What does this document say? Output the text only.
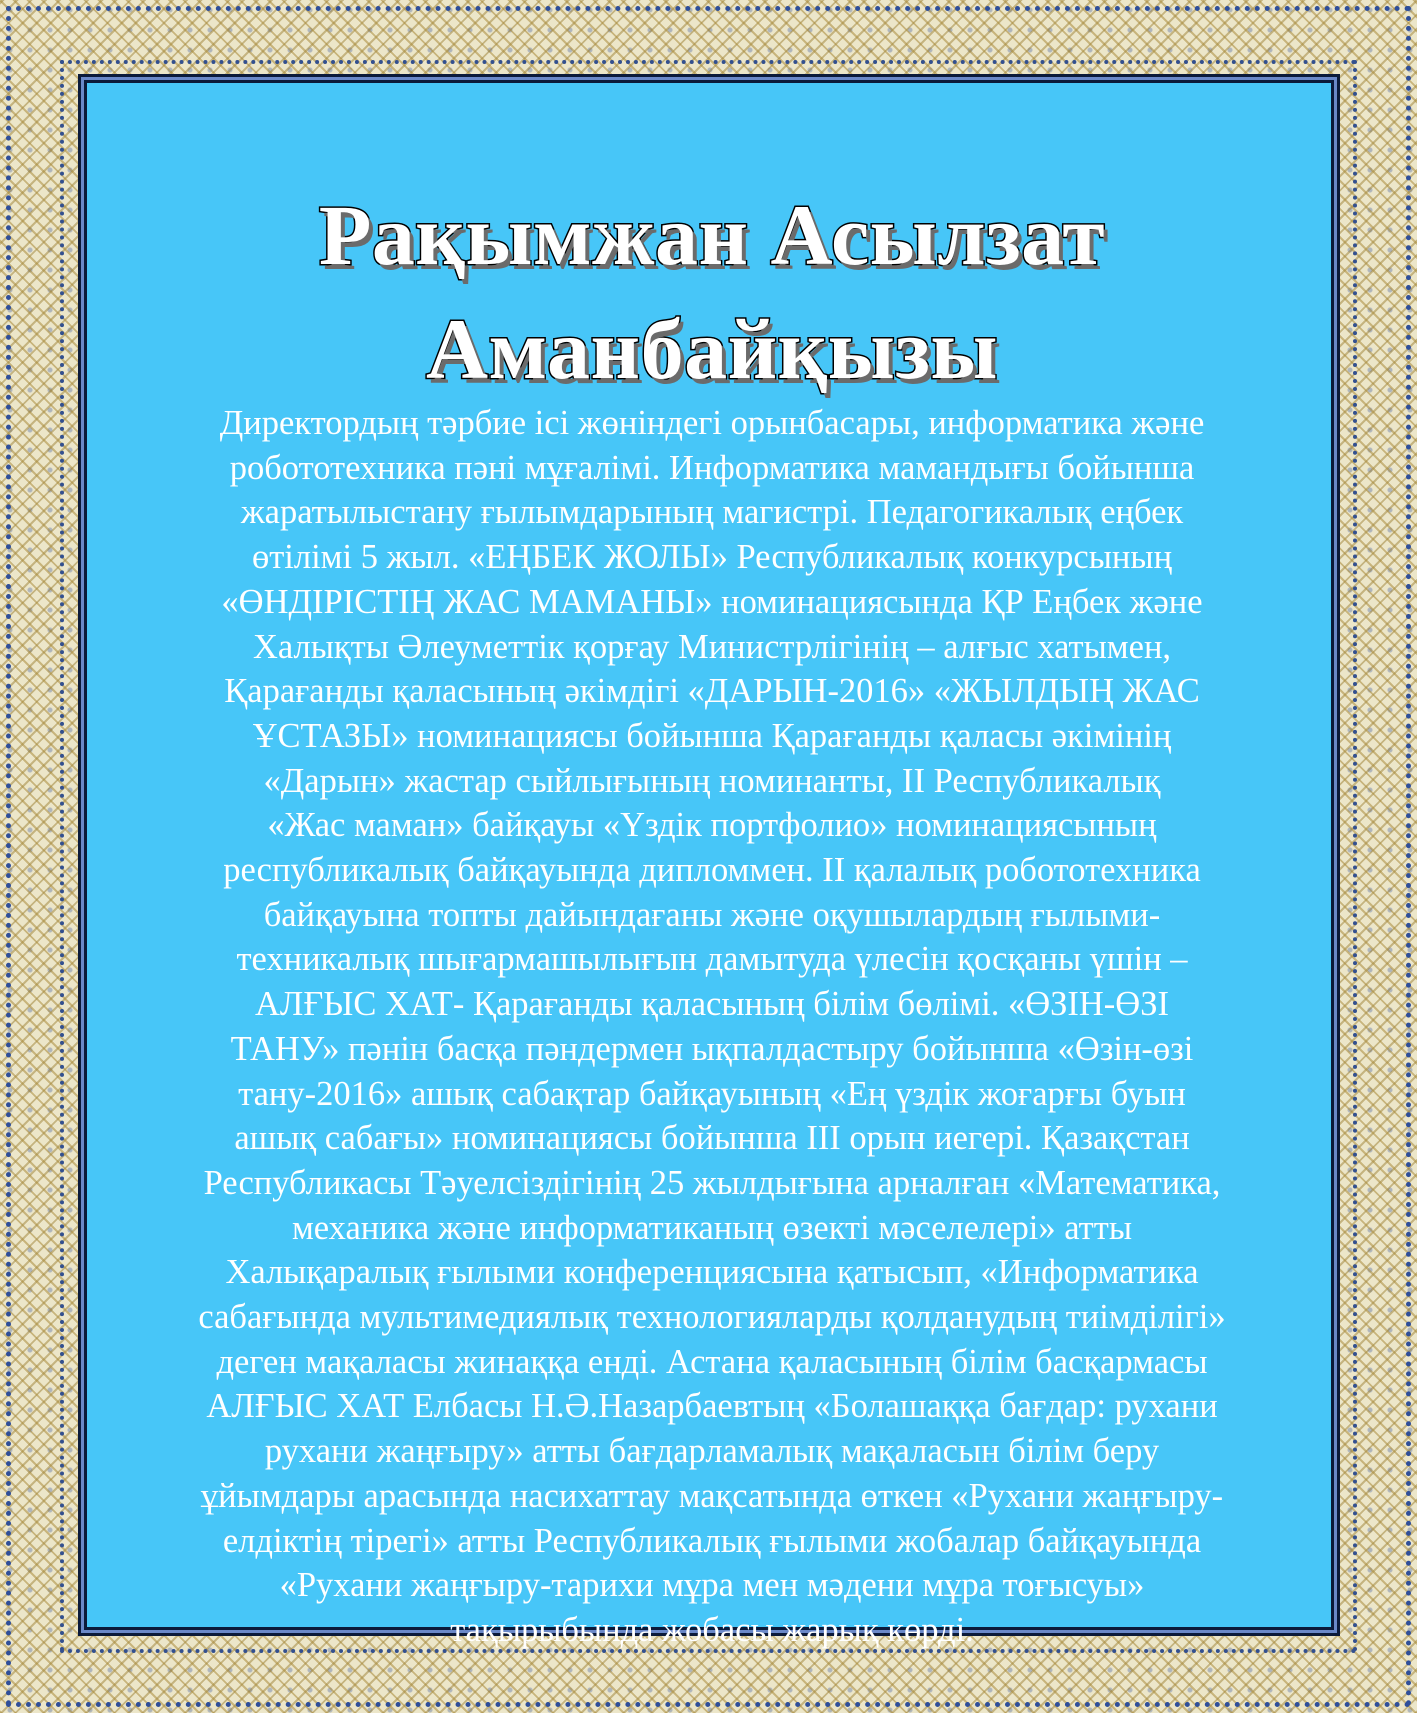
Рақымжан Асылзат
Аманбайқызы

Директордың тәрбие ісі жөніндегі орынбасары, информатика және
робототехника пәні мұғалімі. Информатика мамандығы бойынша
жаратылыстану ғылымдарының магистрі. Педагогикалық еңбек
өтілімі 5 жыл. «ЕҢБЕК ЖОЛЫ» Республикалық конкурсының
«ӨНДІРІСТІҢ ЖАС МАМАНЫ» номинациясында ҚР Еңбек және
Халықты Әлеуметтік қорғау Министрлігінің – алғыс хатымен,
Қарағанды қаласының әкімдігі «ДАРЫН-2016» «ЖЫЛДЫҢ ЖАС
ҰСТАЗЫ» номинациясы бойынша Қарағанды қаласы әкімінің
«Дарын» жастар сыйлығының номинанты, ІІ Республикалық
«Жас маман» байқауы «Үздік портфолио» номинациясының
республикалық байқауында дипломмен. ІІ қалалық робототехника
байқауына топты дайындағаны және оқушылардың ғылыми-
техникалық шығармашылығын дамытуда үлесін қосқаны үшін –
АЛҒЫС ХАТ- Қарағанды қаласының білім бөлімі. «ӨЗІН-ӨЗІ
ТАНУ» пәнін басқа пәндермен ықпалдастыру бойынша «Өзін-өзі
тану-2016» ашық сабақтар байқауының «Ең үздік жоғарғы буын
ашық сабағы» номинациясы бойынша ІІІ орын иегері. Қазақстан
Республикасы Тәуелсіздігінің 25 жылдығына арналған «Математика,
механика және информатиканың өзекті мәселелері» атты
Халықаралық ғылыми конференциясына қатысып, «Информатика
сабағында мультимедиялық технологияларды қолданудың тиімділігі»
деген мақаласы жинаққа енді. Астана қаласының білім басқармасы
АЛҒЫС ХАТ Елбасы Н.Ә.Назарбаевтың «Болашаққа бағдар: рухани
рухани жаңғыру» атты бағдарламалық мақаласын білім беру
ұйымдары арасында насихаттау мақсатында өткен «Рухани жаңғыру-
елдіктің тірегі» атты Республикалық ғылыми жобалар байқауында
«Рухани жаңғыру-тарихи мұра мен мәдени мұра тоғысуы»
тақырыбында жобасы жарық көрді.
